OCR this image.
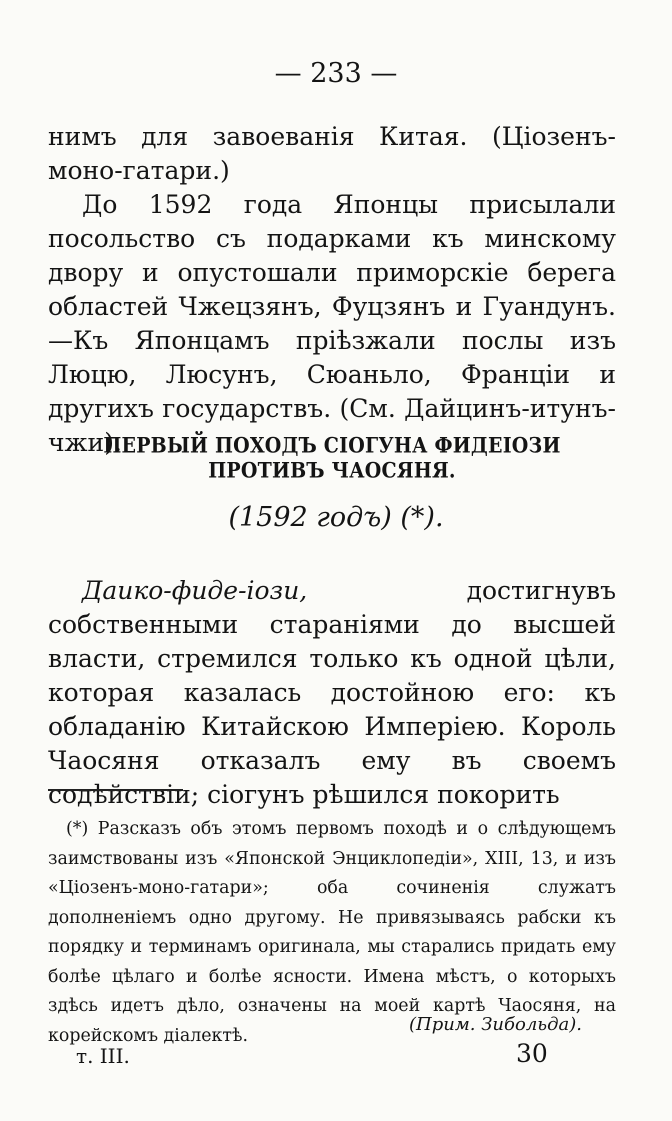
— 233 —

нимъ для завоеванія Китая. (Ціозенъ-моно-гатари.)

До 1592 года Японцы присылали посольство съ подарками къ минскому двору и опустошали приморскіе берега областей Чжецзянъ, Фуцзянъ и Гуандунъ.—Къ Японцамъ пріѣзжали послы изъ Люцю, Люсунъ, Сюаньло, Франціи и другихъ государствъ. (См. Дайцинъ-итунъ-чжи).

ПЕРВЫЙ ПОХОДЪ СІОГУНА ФИДЕІОЗИ ПРОТИВЪ ЧАОСЯНЯ.
(1592 годъ) (*).

Даико-фиде-іози, достигнувъ собственными стараніями до высшей власти, стремился только къ одной цѣли, которая казалась достойною его: къ обладанію Китайскою Имперіею. Король Чаосяня отказалъ ему въ своемъ содѣйствіи; сіогунъ рѣшился покорить

(*) Разсказъ объ этомъ первомъ походѣ и о слѣдующемъ заимствованы изъ «Японской Энциклопедіи», XIII, 13, и изъ «Ціозенъ-моно-гатари»; оба сочиненія служатъ дополненіемъ одно другому. Не привязываясь рабски къ порядку и терминамъ оригинала, мы старались придать ему болѣе цѣлаго и болѣе ясности. Имена мѣстъ, о которыхъ здѣсь идетъ дѣло, означены на моей картѣ Чаосяня, на корейскомъ діалектѣ.

(Прим. Зибольда).
т. III.	30
